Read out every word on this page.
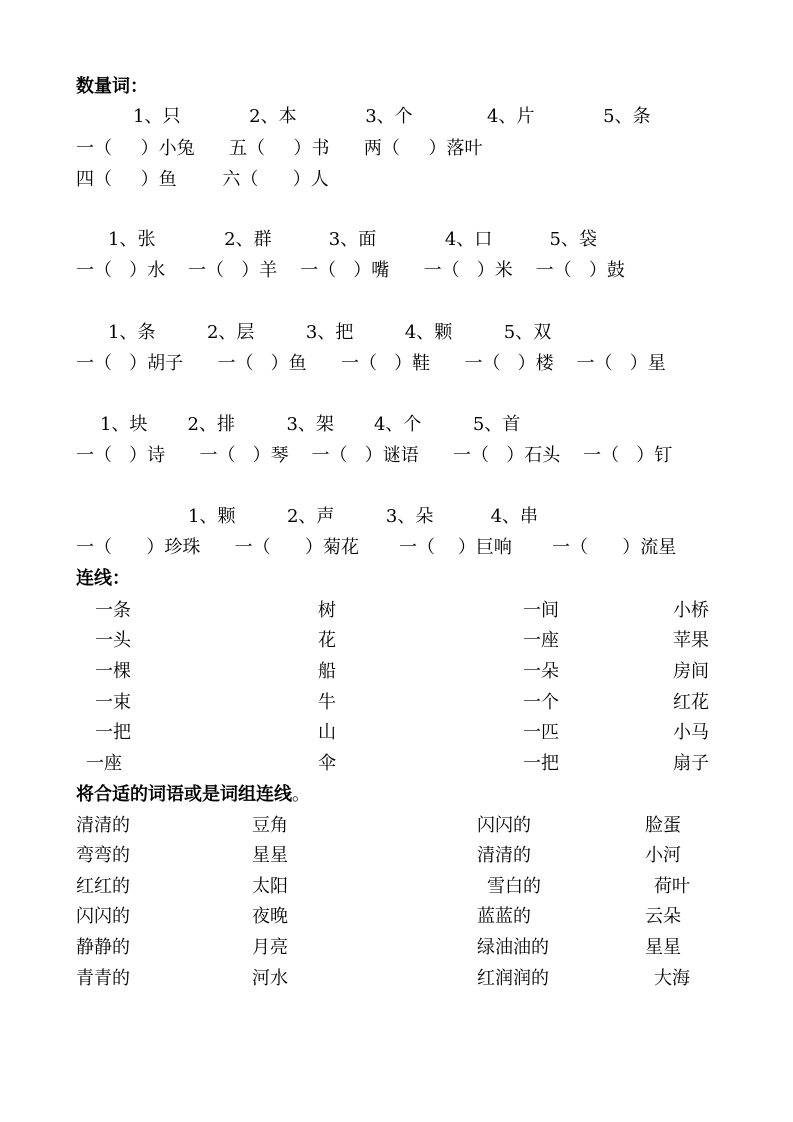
数量词：
1、只            2、本            3、个             4、片            5、条
一（     ）小兔      五（     ）书      两（     ）落叶
四（     ）鱼        六（      ）人
1、张            2、群          3、面            4、口          5、袋
一（   ）水    一（   ）羊    一（   ）嘴      一（   ）米    一（   ）鼓
1、条         2、层         3、把         4、颗         5、双
一（   ）胡子      一（   ）鱼      一（   ）鞋      一（   ）楼    一（   ）星
1、块       2、排         3、架       4、个         5、首
一（   ）诗      一（   ）琴    一（   ）谜语      一（   ）石头    一（   ）钉
1、颗         2、声         3、朵          4、串
一（      ）珍珠      一（      ）菊花       一（    ）巨响       一（      ）流星
连线：
一条	树	一间	小桥
一头	花	一座	苹果
一棵	船	一朵	房间
一束	牛	一个	红花
一把	山	一匹	小马
一座	伞	一把	扇子
将合适的词语或是词组连线。
清清的	豆角	闪闪的	脸蛋
弯弯的	星星	清清的	小河
红红的	太阳	雪白的	荷叶
闪闪的	夜晚	蓝蓝的	云朵
静静的	月亮	绿油油的	星星
青青的	河水	红润润的	大海
